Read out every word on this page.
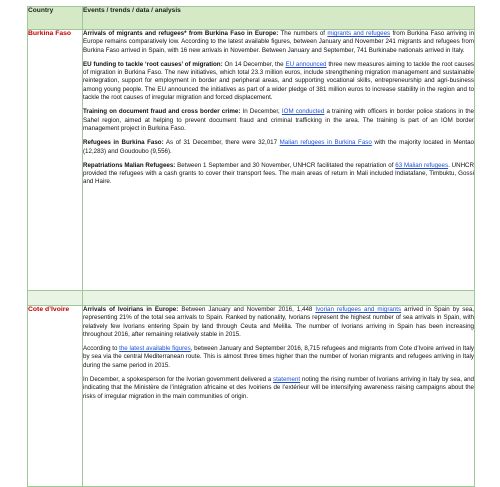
Country	Events / trends / data / analysis
Burkina Faso	Arrivals of migrants and refugees* from Burkina Faso in Europe: The numbers of migrants and refugees from Burkina Faso arriving in Europe remains comparatively low. According to the latest available figures, between January and November 241 migrants and refugees from Burkina Faso arrived in Spain, with 16 new arrivals in November. Between January and September, 741 Burkinabe nationals arrived in Italy.

EU funding to tackle ‘root causes’ of migration: On 14 December, the EU announced three new measures aiming to tackle the root causes of migration in Burkina Faso. The new initiatives, which total 23.3 million euros, include strengthening migration management and sustainable reintegration, support for employment in border and peripheral areas, and supporting vocational skills, entrepreneurship and agri-business among young people. The EU announced the initiatives as part of a wider pledge of 381 million euros to increase stability in the region and to tackle the root causes of irregular migration and forced displacement.

Training on document fraud and cross border crime: In December, IOM conducted a training with officers in border police stations in the Sahel region, aimed at helping to prevent document fraud and criminal trafficking in the area. The training is part of an IOM border management project in Burkina Faso.

Refugees in Burkina Faso: As of 31 December, there were 32,017 Malian refugees in Burkina Faso with the majority located in Mentao (12,283) and Goudoubo (9,556).

Repatriations Malian Refugees: Between 1 September and 30 November, UNHCR facilitated the repatriation of 63 Malian refugees. UNHCR provided the refugees with a cash grants to cover their transport fees. The main areas of return in Mali included Indiatafane, Timbuktu, Gossi and Haire.

Cote d’Ivoire	Arrivals of Ivoirians in Europe: Between January and November 2016, 1,448 Ivorian refugees and migrants arrived in Spain by sea, representing 21% of the total sea arrivals to Spain. Ranked by nationality, Ivorians represent the highest number of sea arrivals in Spain, with relatively few Ivorians entering Spain by land through Ceuta and Melilla. The number of Ivorians arriving in Spain has been increasing throughout 2016, after remaining relatively stable in 2015.

According to the latest available figures, between January and September 2016, 8,715 refugees and migrants from Cote d’Ivoire arrived in Italy by sea via the central Mediterranean route. This is almost three times higher than the number of Ivorian migrants and refugees arriving in Italy during the same period in 2015.

In December, a spokesperson for the Ivorian government delivered a statement noting the rising number of Ivorians arriving in Italy by sea, and indicating that the Ministère de l’intégration africaine et des Ivoiriens de l’extérieur will be intensifying awareness raising campaigns about the risks of irregular migration in the main communities of origin.
